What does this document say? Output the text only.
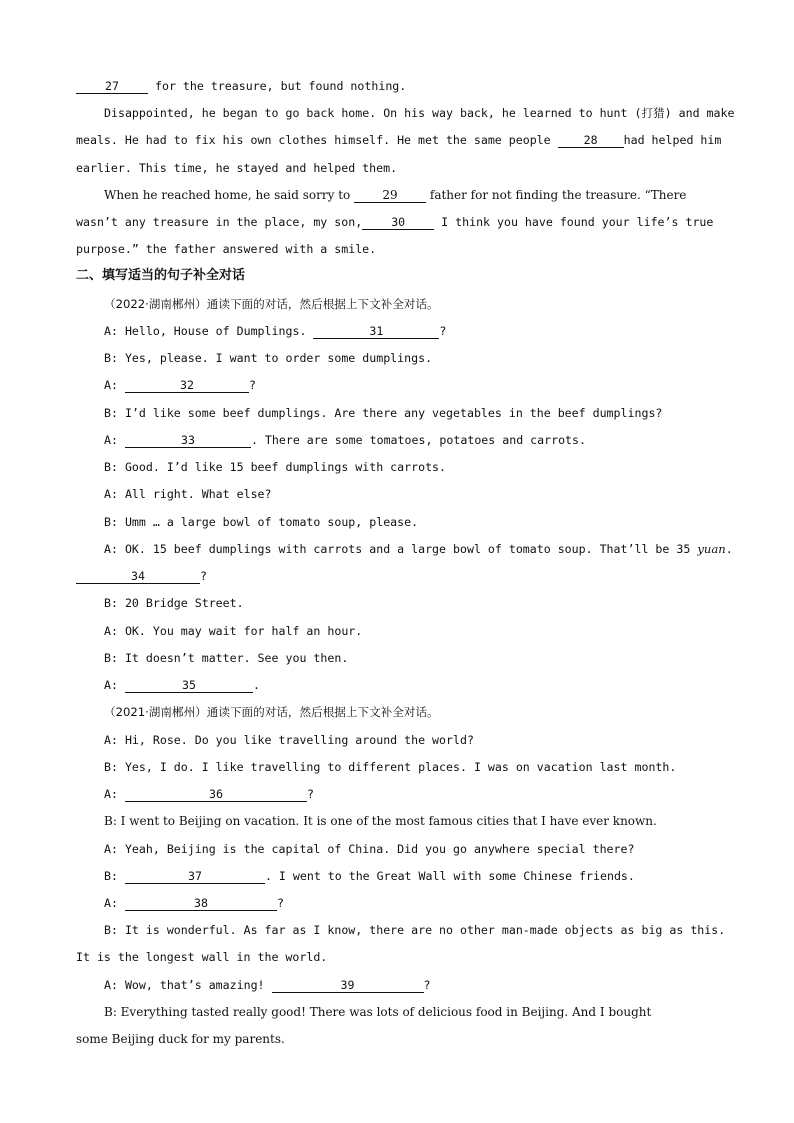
27	for the treasure, but found nothing.
Disappointed, he began to go back home. On his way back, he learned to hunt (打猎) and make
meals. He had to fix his own clothes himself. He met the same people 28 had helped him
earlier. This time, he stayed and helped them.
When he reached home, he said sorry to 29 father for not finding the treasure. “There
wasn’t any treasure in the place, my son,	30	I think you have found your life’s true
purpose.” the father answered with a smile.
二、填写适当的句子补全对话
（2022·湖南郴州）通读下面的对话，然后根据上下文补全对话。
A: Hello, House of Dumplings.	31	?
B: Yes, please. I want to order some dumplings.
A:	32	?
B: I’d like some beef dumplings. Are there any vegetables in the beef dumplings?
A:	33	. There are some tomatoes, potatoes and carrots.
B: Good. I’d like 15 beef dumplings with carrots.
A: All right. What else?
B: Umm … a large bowl of tomato soup, please.
A: OK. 15 beef dumplings with carrots and a large bowl of tomato soup. That’ll be 35 yuan.
34	?
B: 20 Bridge Street.
A: OK. You may wait for half an hour.
B: It doesn’t matter. See you then.
A:	35	.
（2021·湖南郴州）通读下面的对话，然后根据上下文补全对话。
A: Hi, Rose. Do you like travelling around the world?
B: Yes, I do. I like travelling to different places. I was on vacation last month.
A:	36	?
B: I went to Beijing on vacation. It is one of the most famous cities that I have ever known.
A: Yeah, Beijing is the capital of China. Did you go anywhere special there?
B:	37	. I went to the Great Wall with some Chinese friends.
A:	38	?
B: It is wonderful. As far as I know, there are no other man-made objects as big as this.
It is the longest wall in the world.
A: Wow, that’s amazing!	39	?
B: Everything tasted really good! There was lots of delicious food in Beijing. And I bought
some Beijing duck for my parents.
